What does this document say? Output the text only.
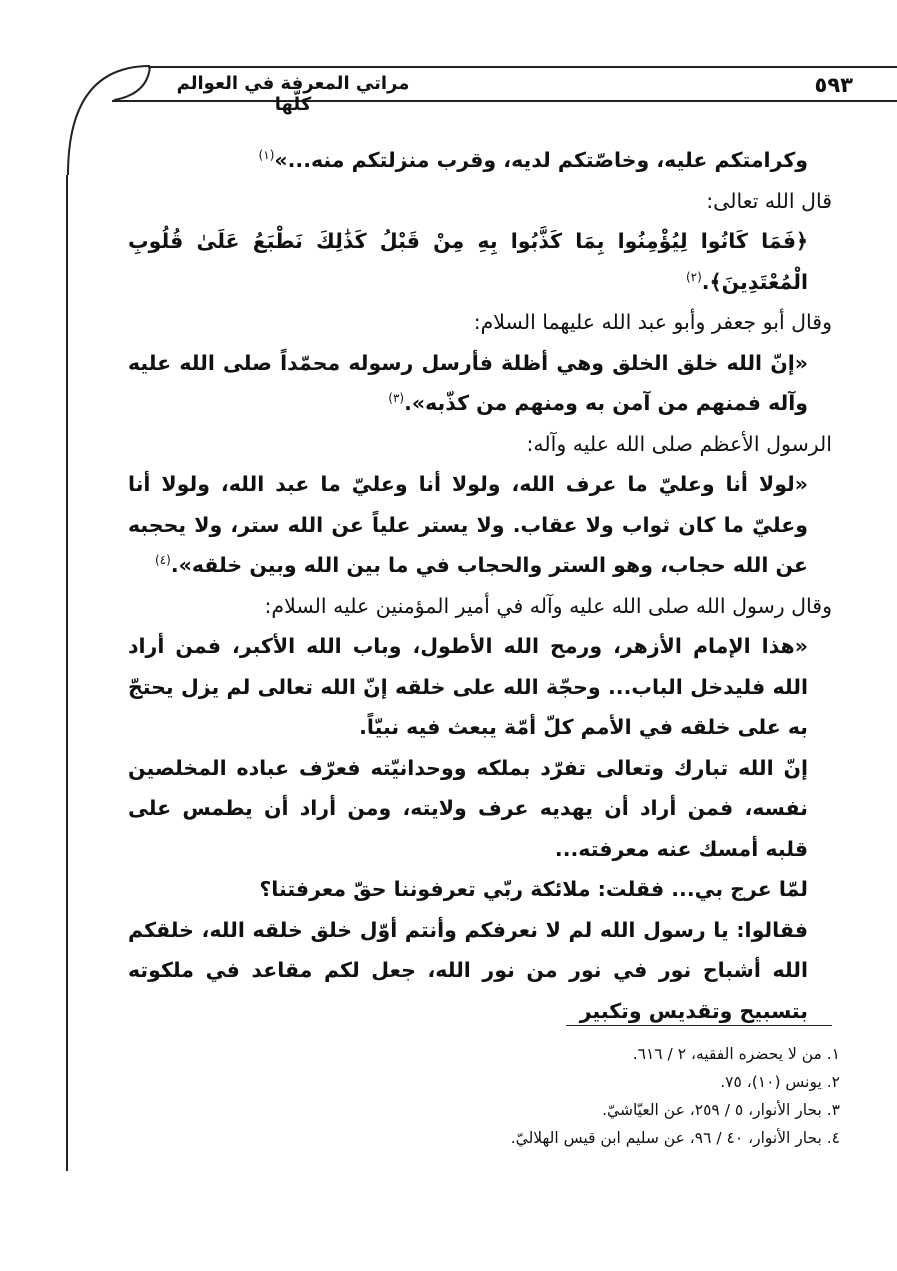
٥٩٣
مراتي المعرفة في العوالم كلّها

وكرامتكم عليه، وخاصّتكم لديه، وقرب منزلتكم منه...»$^{(١)}$

قال الله تعالى:

﴿فَمَا كَانُوا لِيُؤْمِنُوا بِمَا كَذَّبُوا بِهِ مِنْ قَبْلُ كَذَٰلِكَ نَطْبَعُ عَلَىٰ قُلُوبِ الْمُعْتَدِينَ﴾.$^{(٢)}$

وقال أبو جعفر وأبو عبد الله عليهما السلام:

«إنّ الله خلق الخلق وهي أظلة فأرسل رسوله محمّداً صلى الله عليه وآله فمنهم من آمن به ومنهم من كذّبه».$^{(٣)}$

الرسول الأعظم صلى الله عليه وآله:

«لولا أنا وعليّ ما عرف الله، ولولا أنا وعليّ ما عبد الله، ولولا أنا وعليّ ما كان ثواب ولا عقاب. ولا يستر علياً عن الله ستر، ولا يحجبه عن الله حجاب، وهو الستر والحجاب في ما بين الله وبين خلقه».$^{(٤)}$

وقال رسول الله صلى الله عليه وآله في أمير المؤمنين عليه السلام:

«هذا الإمام الأزهر، ورمح الله الأطول، وباب الله الأكبر، فمن أراد الله فليدخل الباب... وحجّة الله على خلقه إنّ الله تعالى لم يزل يحتجّ به على خلقه في الأمم كلّ أمّة يبعث فيه نبيّاً.

إنّ الله تبارك وتعالى تفرّد بملكه ووحدانيّته فعرّف عباده المخلصين نفسه، فمن أراد أن يهديه عرف ولايته، ومن أراد أن يطمس على قلبه أمسك عنه معرفته...

لمّا عرج بي... فقلت: ملائكة ربّي تعرفوننا حقّ معرفتنا؟

فقالوا: يا رسول الله لم لا نعرفكم وأنتم أوّل خلق خلقه الله، خلقكم الله أشباح نور في نور من نور الله، جعل لكم مقاعد في ملكوته بتسبيح وتقديس وتكبير

١. من لا يحضره الفقيه، ٢ / ٦١٦.

٢. يونس (١٠)، ٧٥.

٣. بحار الأنوار، ٥ / ٢٥٩، عن العيّاشيّ.

٤. بحار الأنوار، ٤٠ / ٩٦، عن سليم ابن قيس الهلاليّ.
